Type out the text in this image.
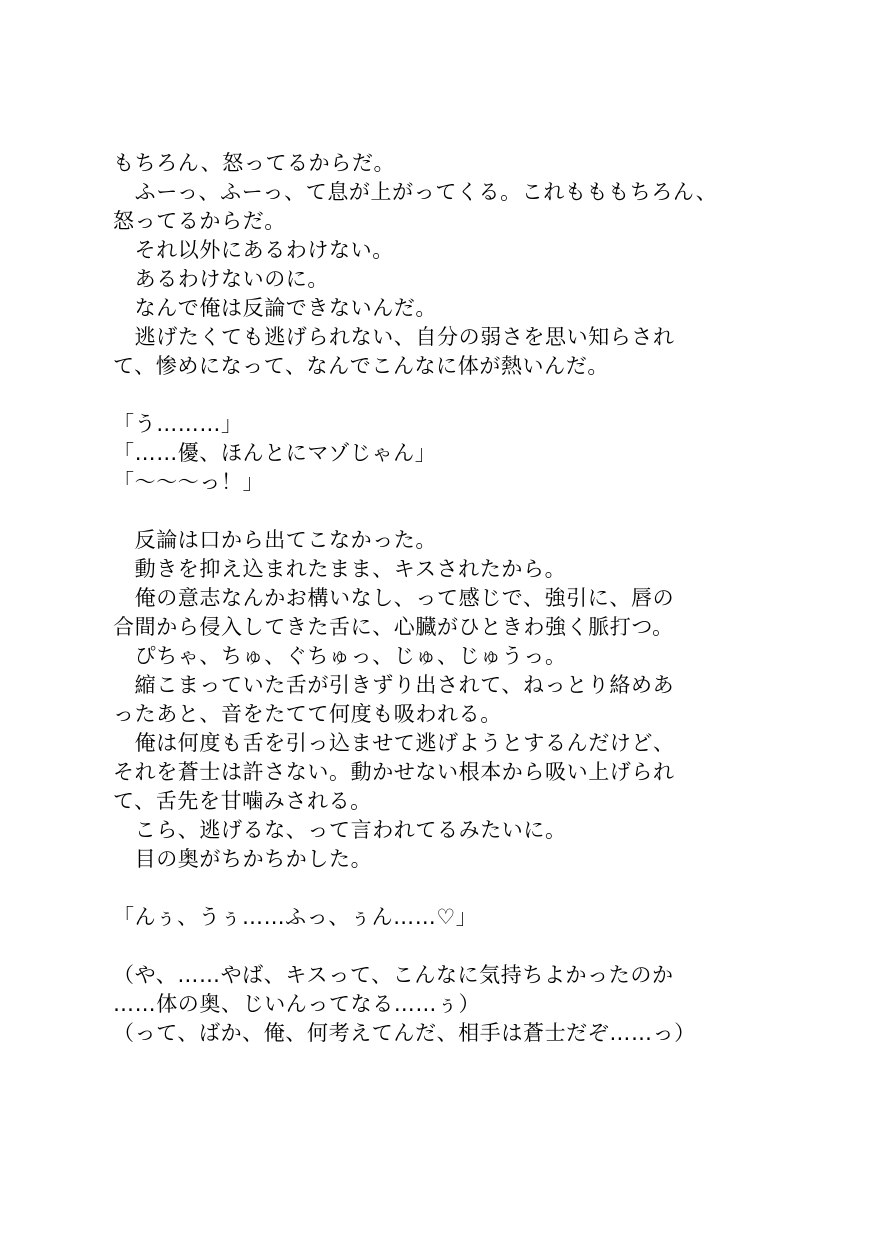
もちろん、怒ってるからだ。
　ふーっ、ふーっ、て息が上がってくる。これもももちろん、
怒ってるからだ。
　それ以外にあるわけない。
　あるわけないのに。
　なんで俺は反論できないんだ。
　逃げたくても逃げられない、自分の弱さを思い知らされ
て、惨めになって、なんでこんなに体が熱いんだ。
「う………」
「……優、ほんとにマゾじゃん」
「〜〜〜っ！」
　反論は口から出てこなかった。
　動きを抑え込まれたまま、キスされたから。
　俺の意志なんかお構いなし、って感じで、強引に、唇の
合間から侵入してきた舌に、心臓がひときわ強く脈打つ。
　ぴちゃ、ちゅ、ぐちゅっ、じゅ、じゅうっ。
　縮こまっていた舌が引きずり出されて、ねっとり絡めあ
ったあと、音をたてて何度も吸われる。
　俺は何度も舌を引っ込ませて逃げようとするんだけど、
それを蒼士は許さない。動かせない根本から吸い上げられ
て、舌先を甘噛みされる。
　こら、逃げるな、って言われてるみたいに。
　目の奥がちかちかした。
「んぅ、うぅ……ふっ、ぅん……♡」
（や、……やば、キスって、こんなに気持ちよかったのか
……体の奥、じいんってなる……ぅ）
（って、ばか、俺、何考えてんだ、相手は蒼士だぞ……っ）
